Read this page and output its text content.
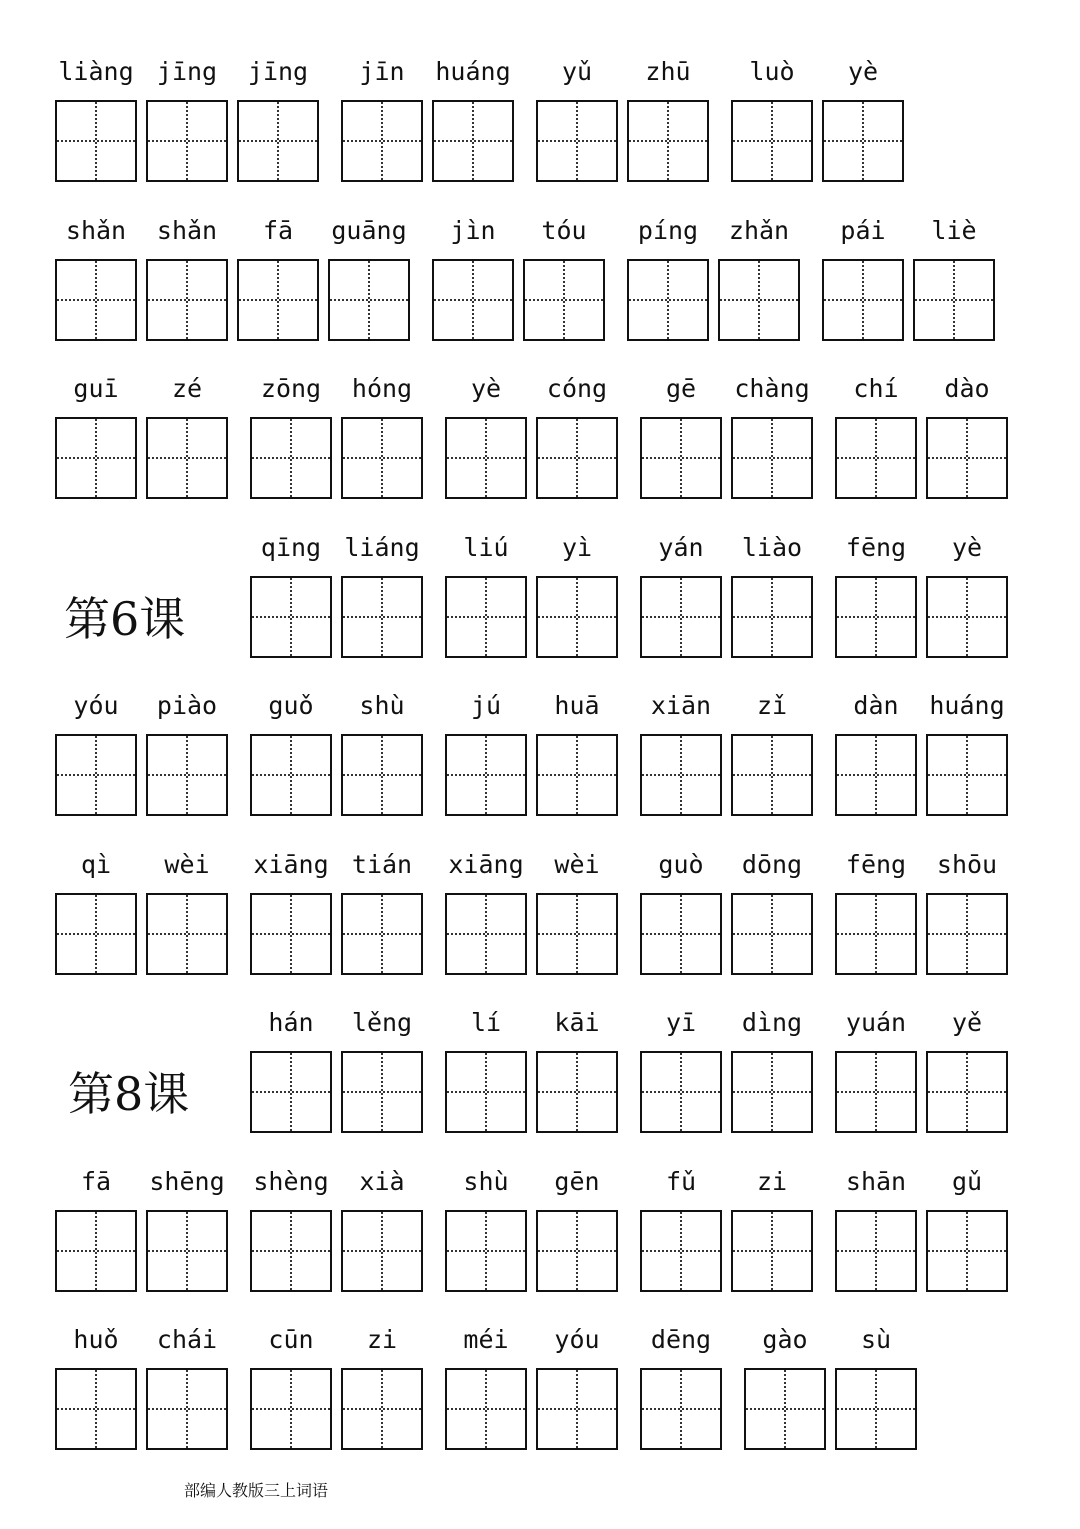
liàng jīng	jīng	jīn	huáng	yǔ	zhū	luò	yè
shǎn	shǎn	fā	guāng	jìn	tóu	píng	zhǎn	pái	liè
guī	zé	zōng	hóng	yè	cóng	gē	chàng	chí	dào
第6课
qīng liáng	liú	yì	yán	liào	fēng	yè
yóu	piào	guǒ	shù	jú	huā	xiān	zǐ	dàn	huáng
qì	wèi	xiāng tián	xiāng	wèi	guò	dōng	fēng	shōu
第8课
hán	lěng	lí	kāi	yī	dìng	yuán	yě
fā	shēng	shèng	xià	shù	gēn	fǔ	zi	shān	gǔ
huǒ	chái	cūn	zi	méi	yóu	dēng	gào	sù
部编人教版三上词语
